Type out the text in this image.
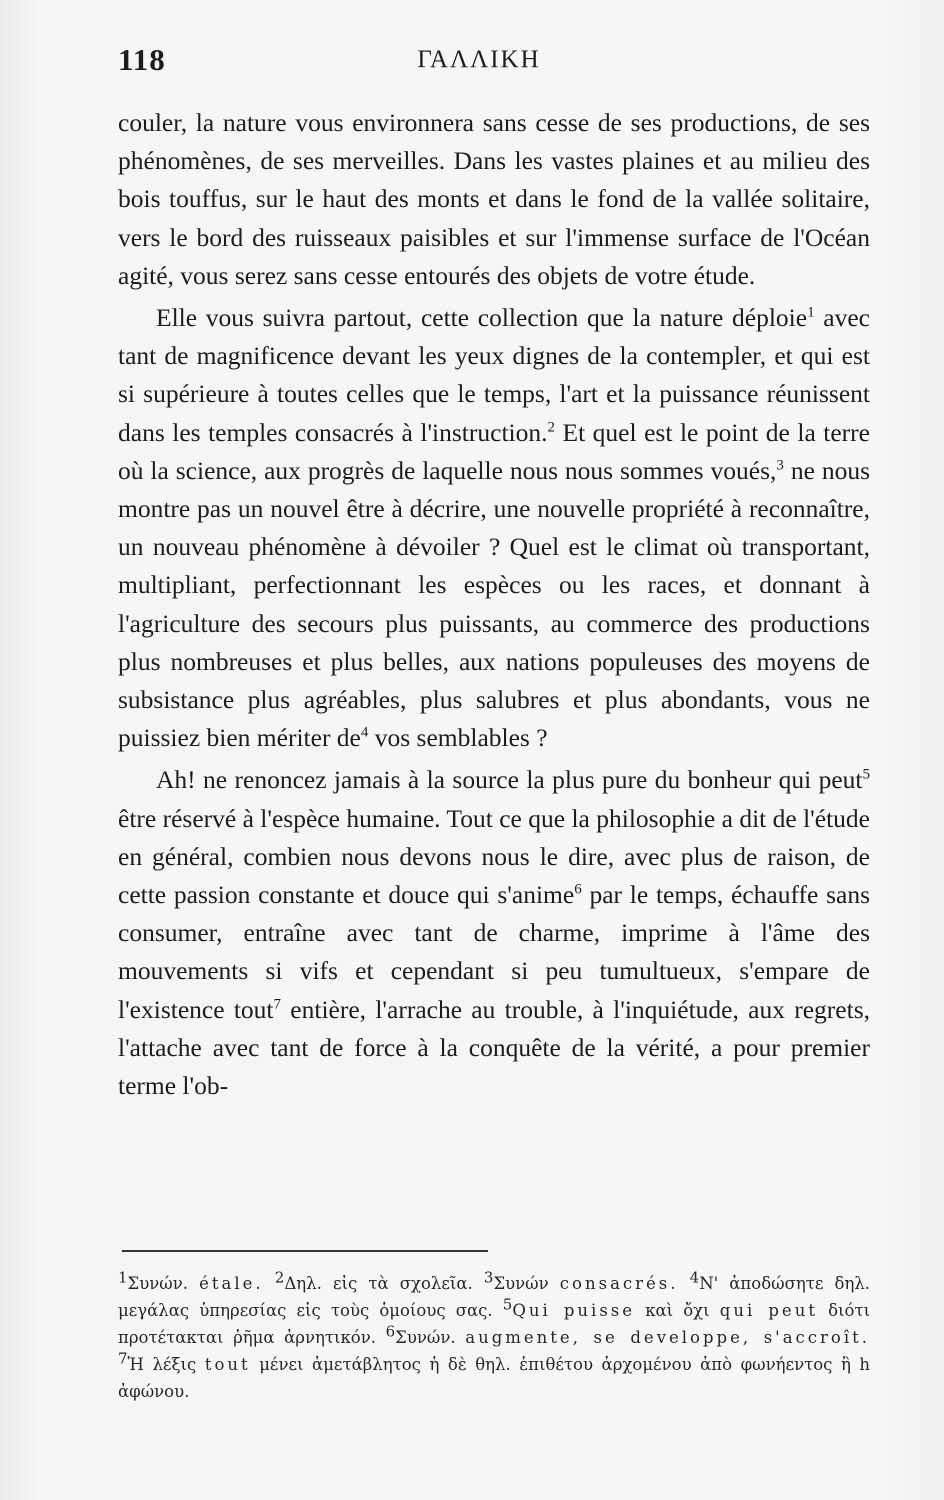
118	ΓΑΛΛΙΚΗ

couler, la nature vous environnera sans cesse de ses productions, de ses phénomènes, de ses merveilles. Dans les vastes plaines et au milieu des bois touffus, sur le haut des monts et dans le fond de la vallée solitaire, vers le bord des ruisseaux paisibles et sur l'immense surface de l'Océan agité, vous serez sans cesse entourés des objets de votre étude.

Elle vous suivra partout, cette collection que la nature déploie$^1$ avec tant de magnificence devant les yeux dignes de la contempler, et qui est si supérieure à toutes celles que le temps, l'art et la puissance réunissent dans les temples consacrés à l'instruction.$^2$ Et quel est le point de la terre où la science, aux progrès de laquelle nous nous sommes voués,$^3$ ne nous montre pas un nouvel être à décrire, une nouvelle propriété à reconnaître, un nouveau phénomène à dévoiler ? Quel est le climat où transportant, multipliant, perfectionnant les espèces ou les races, et donnant à l'agriculture des secours plus puissants, au commerce des productions plus nombreuses et plus belles, aux nations populeuses des moyens de subsistance plus agréables, plus salubres et plus abondants, vous ne puissiez bien mériter $de^4$ vos semblables ?

Ah! ne renoncez jamais à la source la plus pure du bonheur qui peut$^5$ être réservé à l'espèce humaine. Tout ce que la philosophie a dit de l'étude en général, combien nous devons nous le dire, avec plus de raison, de cette passion constante et douce qui s'anime$^6$ par le temps, échauffe sans consumer, entraîne avec tant de charme, imprime à l'âme des mouvements si vifs et cependant si peu tumultueux, s'empare de l'existence tout$^7$ entière, l'arrache au trouble, à l'inquiétude, aux regrets, l'attache avec tant de force à la conquête de la vérité, a pour premier terme l'ob-

$^1$Συνών. étale. $^2$Δηλ. εἰς τὰ σχολεῖα. $^3$Συνών consacrés. $^4$Ν' ἀποδώσητε δηλ. μεγάλας ὑπηρεσίας εἰς τοὺς ὁμοίους σας. $^5$Qui puisse καὶ ὄχι qui peut διότι προτέτακται ῥῆμα ἀρνητικόν. $^6$Συνών. augmente, se developpe, s'accroît. $^7$Ἡ λέξις tout μένει ἀμετάβλητος ἡ δὲ θηλ. ἐπιθέτου ἀρχομένου ἀπὸ φωνήεντος ἢ h ἀφώνου.
